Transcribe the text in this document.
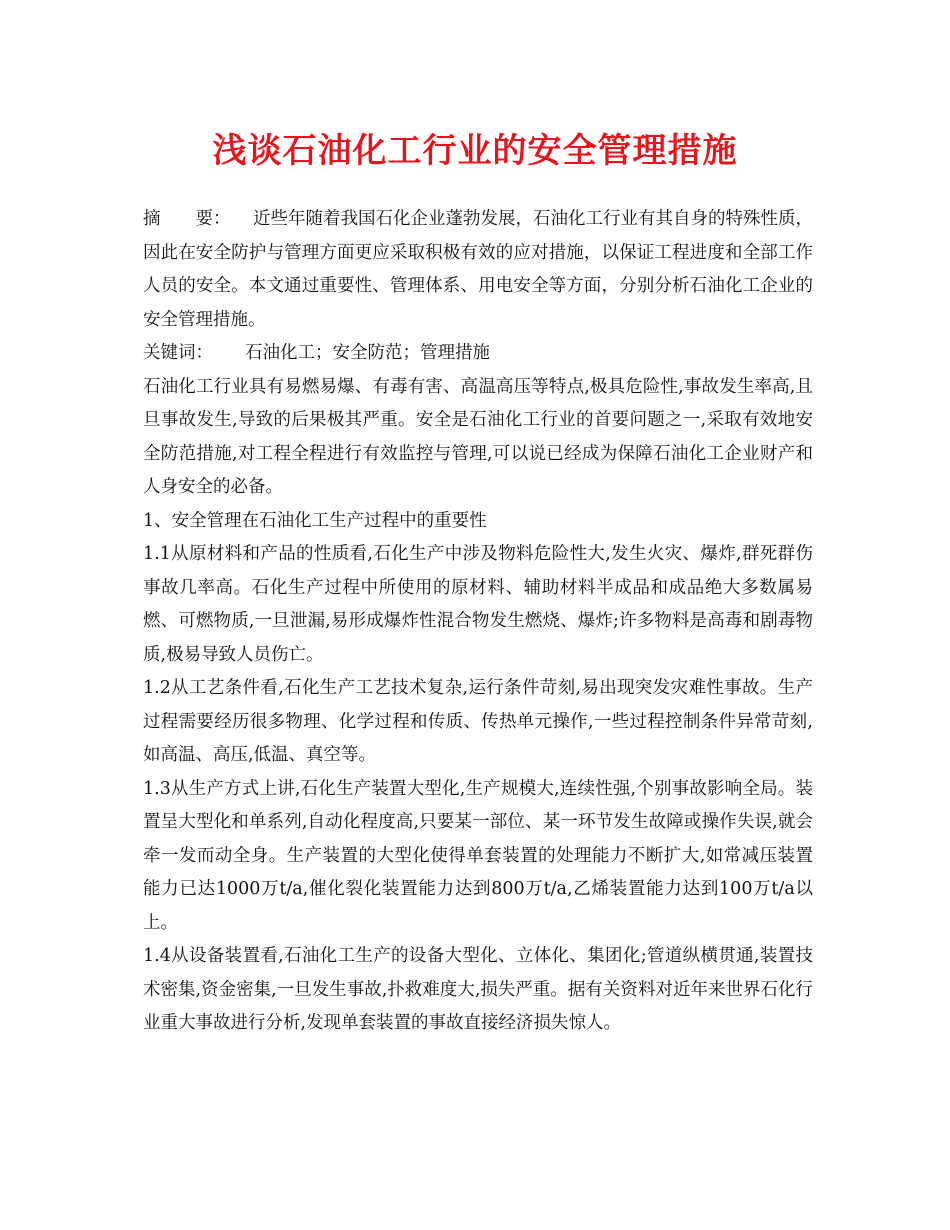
浅谈石油化工行业的安全管理措施

摘　　要： 近些年随着我国石化企业蓬勃发展，石油化工行业有其自身的特殊性质，因此在安全防护与管理方面更应采取积极有效的应对措施，以保证工程进度和全部工作人员的安全。本文通过重要性、管理体系、用电安全等方面，分别分析石油化工企业的安全管理措施。

关键词： 石油化工；安全防范；管理措施

石油化工行业具有易燃易爆、有毒有害、高温高压等特点,极具危险性,事故发生率高,且旦事故发生,导致的后果极其严重。安全是石油化工行业的首要问题之一,采取有效地安全防范措施,对工程全程进行有效监控与管理,可以说已经成为保障石油化工企业财产和人身安全的必备。

1、安全管理在石油化工生产过程中的重要性

1.1从原材料和产品的性质看,石化生产中涉及物料危险性大,发生火灾、爆炸,群死群伤事故几率高。石化生产过程中所使用的原材料、辅助材料半成品和成品绝大多数属易燃、可燃物质,一旦泄漏,易形成爆炸性混合物发生燃烧、爆炸;许多物料是高毒和剧毒物质,极易导致人员伤亡。

1.2从工艺条件看,石化生产工艺技术复杂,运行条件苛刻,易出现突发灾难性事故。生产过程需要经历很多物理、化学过程和传质、传热单元操作,一些过程控制条件异常苛刻,如高温、高压,低温、真空等。

1.3从生产方式上讲,石化生产装置大型化,生产规模大,连续性强,个别事故影响全局。装置呈大型化和单系列,自动化程度高,只要某一部位、某一环节发生故障或操作失误,就会牵一发而动全身。生产装置的大型化使得单套装置的处理能力不断扩大,如常减压装置能力已达1000万t/a,催化裂化装置能力达到800万t/a,乙烯装置能力达到100万t/a以上。

1.4从设备装置看,石油化工生产的设备大型化、立体化、集团化;管道纵横贯通,装置技术密集,资金密集,一旦发生事故,扑救难度大,损失严重。据有关资料对近年来世界石化行业重大事故进行分析,发现单套装置的事故直接经济损失惊人。
